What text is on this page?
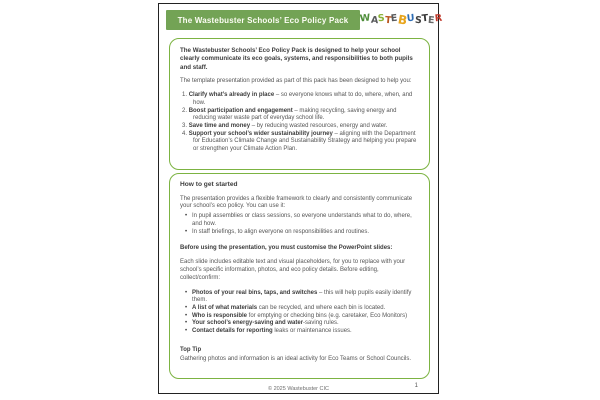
The Wastebuster Schools’ Eco Policy Pack W A
S T
E
B
U S
T E
R

The Wastebuster Schools’ Eco Policy Pack is designed to help your school clearly communicate its eco goals, systems, and responsibilities to both pupils and staff.

The template presentation provided as part of this pack has been designed to help you:

1. Clarify what’s already in place – so everyone knows what to do, where, when, and how.

2. Boost participation and engagement – making recycling, saving energy and reducing water waste part of everyday school life.

3. Save time and money – by reducing wasted resources, energy and water.

4. Support your school’s wider sustainability journey – aligning with the Department for Education’s Climate Change and Sustainability Strategy and helping you prepare or strengthen your Climate Action Plan.

How to get started

The presentation provides a flexible framework to clearly and consistently communicate your school’s eco policy. You can use it:

• In pupil assemblies or class sessions, so everyone understands what to do, where, and how.

• In staff briefings, to align everyone on responsibilities and routines.

Before using the presentation, you must customise the PowerPoint slides:

Each slide includes editable text and visual placeholders, for you to replace with your school’s specific information, photos, and eco policy details. Before editing, collect/confirm:

• Photos of your real bins, taps, and switches – this will help pupils easily identify them.

• A list of what materials can be recycled, and where each bin is located.

• Who is responsible for emptying or checking bins (e.g. caretaker, Eco Monitors)

• Your school’s energy-saving and water-saving rules.

• Contact details for reporting leaks or maintenance issues.

Top Tip

Gathering photos and information is an ideal activity for Eco Teams or School Councils.

© 2025 Wastebuster CIC	1
